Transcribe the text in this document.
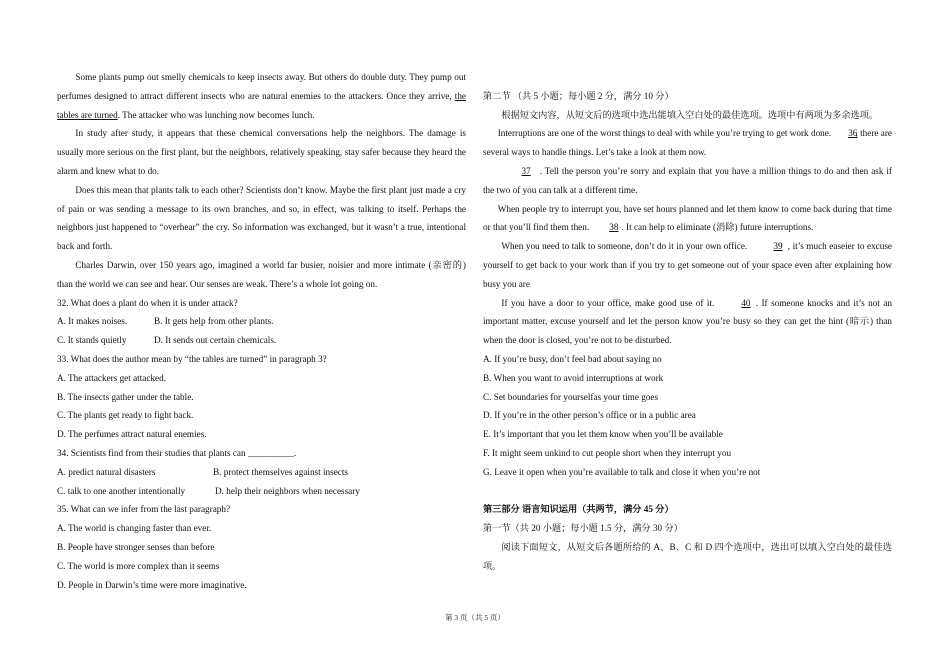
Some plants pump out smelly chemicals to keep insects away. But others do double duty. They pump out perfumes designed to attract different insects who are natural enemies to the attackers. Once they arrive, the tables are turned. The attacker who was lunching now becomes lunch.

In study after study, it appears that these chemical conversations help the neighbors. The damage is usually more serious on the first plant, but the neighbors, relatively speaking, stay safer because they heard the alarm and knew what to do.

Does this mean that plants talk to each other? Scientists don’t know. Maybe the first plant just made a cry of pain or was sending a message to its own branches, and so, in effect, was talking to itself. Perhaps the neighbors just happened to “overhear” the cry. So information was exchanged, but it wasn’t a true, intentional back and forth.

Charles Darwin, over 150 years ago, imagined a world far busier, noisier and more intimate (亲密的) than the world we can see and hear. Our senses are weak. There’s a whole lot going on.

32. What does a plant do when it is under attack?

A. It makes noises.	B. It gets help from other plants.

C. It stands quietly	D. It sends out certain chemicals.

33. What does the author mean by “the tables are turned” in paragraph 3?

A. The attackers get attacked.

B. The insects gather under the table.

C. The plants get ready to fight back.

D. The perfumes attract natural enemies.

34. Scientists find from their studies that plants can __________.

A. predict natural disasters	B. protect themselves against insects

C. talk to one another intentionally	D. help their neighbors when necessary

35. What can we infer from the last paragraph?

A. The world is changing faster than ever.

B. People have stronger senses than before

C. The world is more complex than it seems

D. People in Darwin’s time were more imaginative.

第二节 （共 5 小题；每小题 2 分，满分 10 分）

根据短文内容，从短文后的选项中选出能填入空白处的最佳选项。选项中有两项为多余选项。

Interruptions are one of the worst things to deal with while you’re trying to get work done. 36, there are several ways to handle things. Let’s take a look at them now.

37 . Tell the person you’re sorry and explain that you have a million things to do and then ask if the two of you can talk at a different time.

When people try to interrupt you, have set hours planned and let them know to come back during that time or that you’ll find them then. 38 . It can help to eliminate (消除) future interruptions.

When you need to talk to someone, don’t do it in your own office.	39 , it’s much easeier to excuse yourself to get back to your work than if you try to get someone out of your space even after explaining how busy you are

If you have a door to your office, make good use of it.	40 . If someone knocks and it’s not an important matter, excuse yourself and let the person know you’re busy so they can get the hint (暗示) than when the door is closed, you’re not to be disturbed.

A. If you’re busy, don’t feel bad about saying no

B. When you want to avoid interruptions at work

C. Set boundaries for yourselfas your time goes

D. If you’re in the other person’s office or in a public area

E. It’s important that you let them know when you’ll be available

F. It might seem unkind to cut people short when they interrupt you

G. Leave it open when you’re available to talk and close it when you’re not

第三部分 语言知识运用（共两节，满分 45 分）

第一节（共 20 小题；每小题 1.5 分，满分 30 分）

阅读下面短文，从短文后各题所给的 A、B、C 和 D 四个选项中，选出可以填入空白处的最佳选项。

第 3 页（共 5 页）
